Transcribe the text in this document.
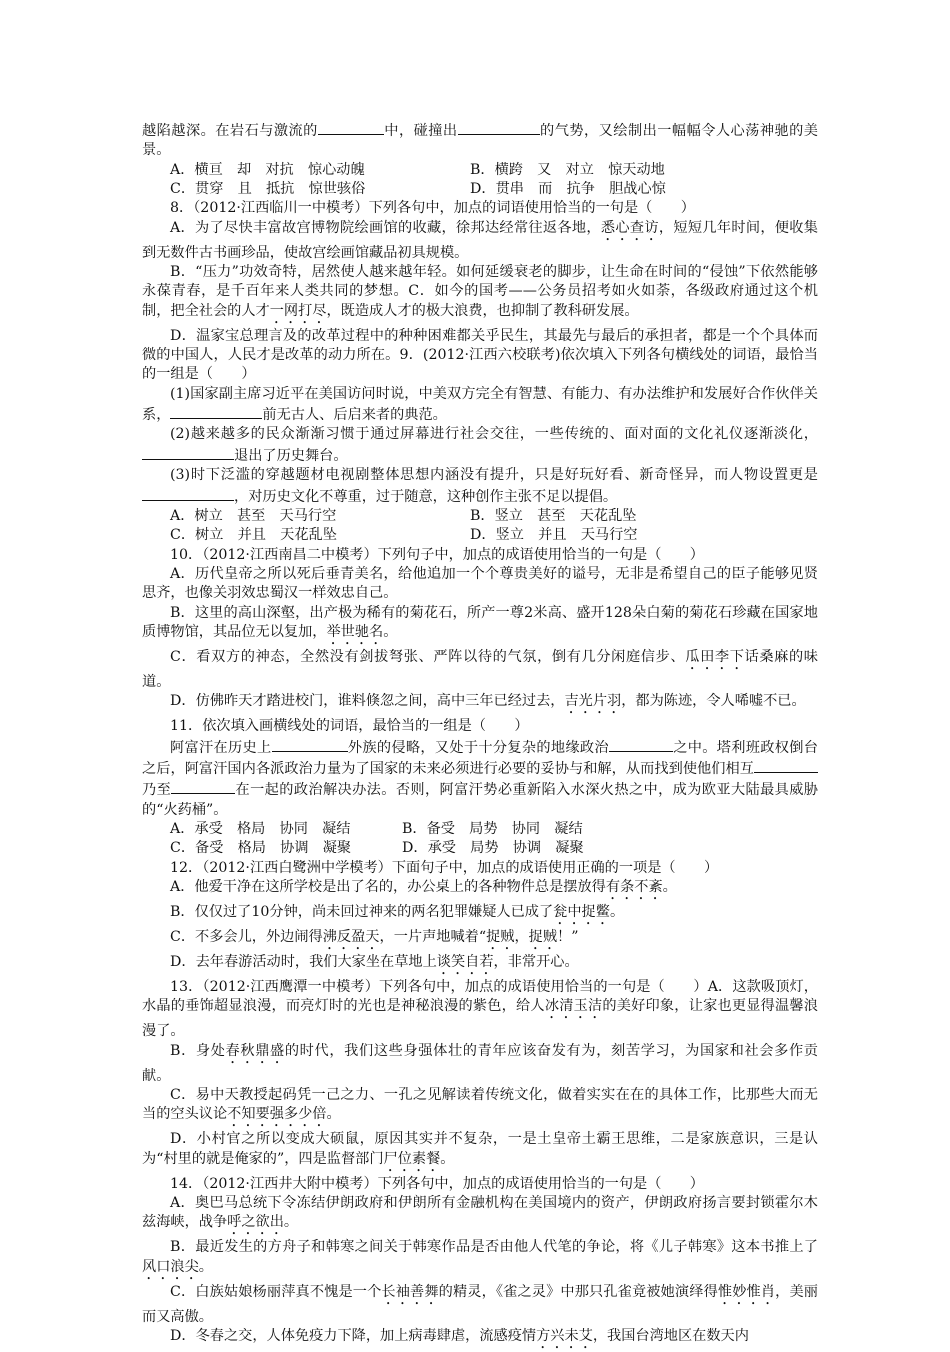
越陷越深。在岩石与激流的	中，碰撞出	的气势，又绘制出一幅幅令人心荡神驰的美景。

A．横亘　却　对抗　惊心动魄	B．横跨　又　对立　惊天动地
C．贯穿　且　抵抗　惊世骇俗	D．贯串　而　抗争　胆战心惊

8．（2012·江西临川一中模考）下列各句中，加点的词语使用恰当的一句是（　　）

A．为了尽快丰富故宫博物院绘画馆的收藏，徐邦达经常往返各地，悉心查访，短短几年时间，便收集到无数件古书画珍品，使故宫绘画馆藏品初具规模。

B．“压力”功效奇特，居然使人越来越年轻。如何延缓衰老的脚步，让生命在时间的“侵蚀”下依然能够永葆青春，是千百年来人类共同的梦想。C．如今的国考——公务员招考如火如荼，各级政府通过这个机制，把全社会的人才一网打尽，既造成人才的极大浪费，也抑制了教科研发展。

D．温家宝总理言及的改革过程中的种种困难都关乎民生，其最先与最后的承担者，都是一个个具体而微的中国人，人民才是改革的动力所在。9．(2012·江西六校联考)依次填入下列各句横线处的词语，最恰当的一组是（　　）

(1)国家副主席习近平在美国访问时说，中美双方完全有智慧、有能力、有办法维护和发展好合作伙伴关系，	前无古人、后启来者的典范。

(2)越来越多的民众渐渐习惯于通过屏幕进行社会交往，一些传统的、面对面的文化礼仪逐渐淡化，退出了历史舞台。

(3)时下泛滥的穿越题材电视剧整体思想内涵没有提升，只是好玩好看、新奇怪异，而人物设置更是，对历史文化不尊重，过于随意，这种创作主张不足以提倡。

A．树立　甚至　天马行空	B．竖立　甚至　天花乱坠
C．树立　并且　天花乱坠	D．竖立　并且　天马行空

10．（2012·江西南昌二中模考）下列句子中，加点的成语使用恰当的一句是（　　）

A．历代皇帝之所以死后垂青美名，给他追加一个个尊贵美好的谥号，无非是希望自己的臣子能够见贤思齐，也像关羽效忠蜀汉一样效忠自己。

B．这里的高山深壑，出产极为稀有的菊花石，所产一尊2米高、盛开128朵白菊的菊花石珍藏在国家地质博物馆，其品位无以复加，举世驰名。

C．看双方的神态，全然没有剑拔弩张、严阵以待的气氛，倒有几分闲庭信步、瓜田李下话桑麻的味道。

D．仿佛昨天才踏进校门，谁料倏忽之间，高中三年已经过去，吉光片羽，都为陈迹，令人唏嘘不已。

11．依次填入画横线处的词语，最恰当的一组是（　　）

阿富汗在历史上	外族的侵略，又处于十分复杂的地缘政治	之中。塔利班政权倒台之后，阿富汗国内各派政治力量为了国家的未来必须进行必要的妥协与和解，从而找到使他们相互乃至	在一起的政治解决办法。否则，阿富汗势必重新陷入水深火热之中，成为欧亚大陆最具威胁的“火药桶”。

A．承受　格局　协同　凝结	B．备受　局势　协同　凝结
C．备受　格局　协调　凝聚	D．承受　局势　协调　凝聚

12．（2012·江西白鹭洲中学模考）下面句子中，加点的成语使用正确的一项是（　　）

A．他爱干净在这所学校是出了名的，办公桌上的各种物件总是摆放得有条不紊。

B．仅仅过了10分钟，尚未回过神来的两名犯罪嫌疑人已成了瓮中捉鳖。

C．不多会儿，外边闹得沸反盈天，一片声地喊着“捉贼，捉贼！”

D．去年春游活动时，我们大家坐在草地上谈笑自若，非常开心。

13．（2012·江西鹰潭一中模考）下列各句中，加点的成语使用恰当的一句是（　　）A．这款吸顶灯，水晶的垂饰超显浪漫，而亮灯时的光也是神秘浪漫的紫色，给人冰清玉洁的美好印象，让家也更显得温馨浪漫了。

B．身处春秋鼎盛的时代，我们这些身强体壮的青年应该奋发有为，刻苦学习，为国家和社会多作贡献。

C．易中天教授起码凭一己之力、一孔之见解读着传统文化，做着实实在在的具体工作，比那些大而无当的空头议论不知要强多少倍。

D．小村官之所以变成大硕鼠，原因其实并不复杂，一是土皇帝土霸王思维，二是家族意识，三是认为“村里的就是俺家的”，四是监督部门尸位素餐。

14．（2012·江西井大附中模考）下列各句中，加点的成语使用恰当的一句是（　　）

A．奥巴马总统下令冻结伊朗政府和伊朗所有金融机构在美国境内的资产，伊朗政府扬言要封锁霍尔木兹海峡，战争呼之欲出。

B．最近发生的方舟子和韩寒之间关于韩寒作品是否由他人代笔的争论，将《儿子韩寒》这本书推上了风口浪尖。

C．白族姑娘杨丽萍真不愧是一个长袖善舞的精灵，《雀之灵》中那只孔雀竟被她演绎得惟妙惟肖，美丽而又高傲。

D．冬春之交，人体免疫力下降，加上病毒肆虐，流感疫情方兴未艾，我国台湾地区在数天内
